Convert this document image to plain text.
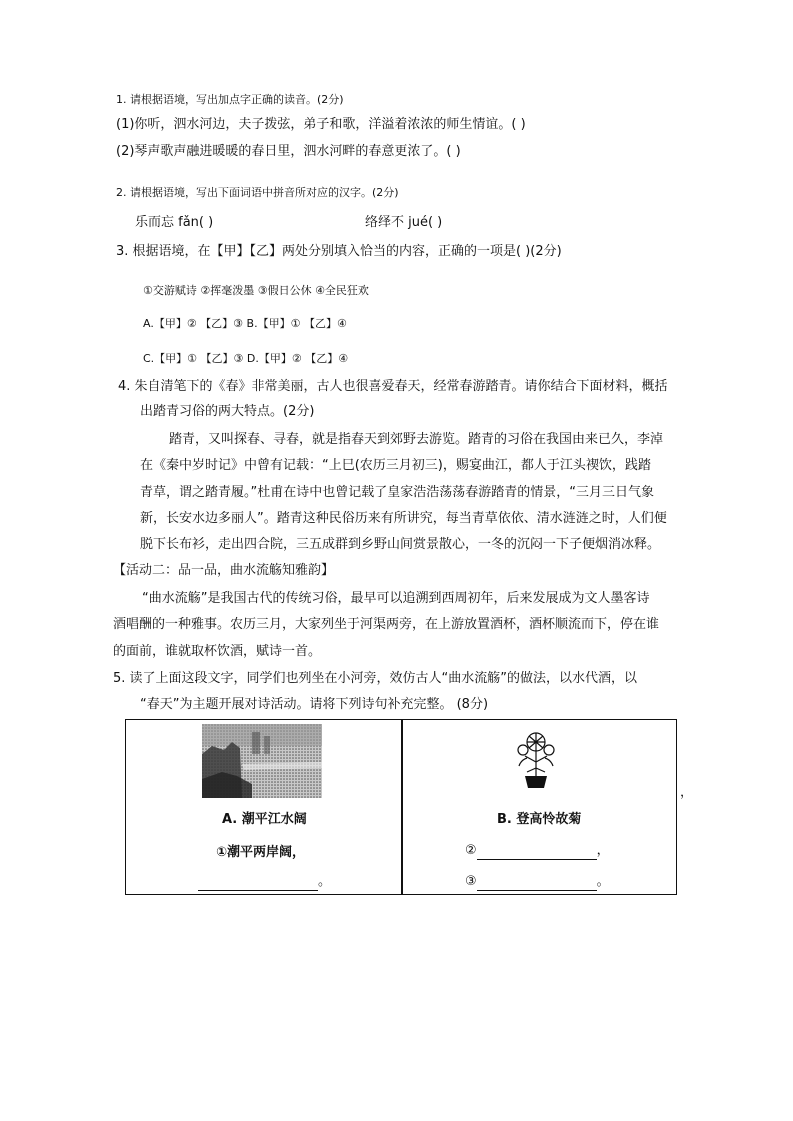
1. 请根据语境，写出加点字正确的读音。(2分)
(1)你听，泗水河边，夫子拨弦，弟子和歌，洋溢着浓浓的师生情谊。( )
(2)琴声歌声融进暖暖的春日里，泗水河畔的春意更浓了。( )
2. 请根据语境，写出下面词语中拼音所对应的汉字。(2分)
乐而忘 fǎn( )	络绎不 jué( )
3. 根据语境，在【甲】【乙】两处分别填入恰当的内容，正确的一项是( )(2分)
①交游赋诗 ②挥毫泼墨 ③假日公休 ④全民狂欢
A.【甲】② 【乙】③ B.【甲】① 【乙】④
C.【甲】① 【乙】③ D.【甲】② 【乙】④
4. 朱自清笔下的《春》非常美丽，古人也很喜爱春天，经常春游踏青。请你结合下面材料，概括
出踏青习俗的两大特点。(2分)
踏青，又叫探春、寻春，就是指春天到郊野去游览。踏青的习俗在我国由来已久，李淖
在《秦中岁时记》中曾有记载：“上巳(农历三月初三)，赐宴曲江，都人于江头禊饮，践踏
青草，谓之踏青履。”杜甫在诗中也曾记载了皇家浩浩荡荡春游踏青的情景，“三月三日气象
新，长安水边多丽人”。踏青这种民俗历来有所讲究，每当青草依依、清水涟涟之时，人们便
脱下长布衫，走出四合院，三五成群到乡野山间赏景散心，一冬的沉闷一下子便烟消冰释。
【活动二：品一品，曲水流觞知雅韵】
“曲水流觞”是我国古代的传统习俗，最早可以追溯到西周初年，后来发展成为文人墨客诗
酒唱酬的一种雅事。农历三月，大家列坐于河渠两旁，在上游放置酒杯，酒杯顺流而下，停在谁
的面前，谁就取杯饮酒，赋诗一首。
5. 读了上面这段文字，同学们也列坐在小河旁，效仿古人“曲水流觞”的做法，以水代酒，以
“春天”为主题开展对诗活动。请将下列诗句补充完整。 (8分)
A. 潮平江水阔
①潮平两岸阔，
。
B. 登高怜故菊
②	，
③	。
，
